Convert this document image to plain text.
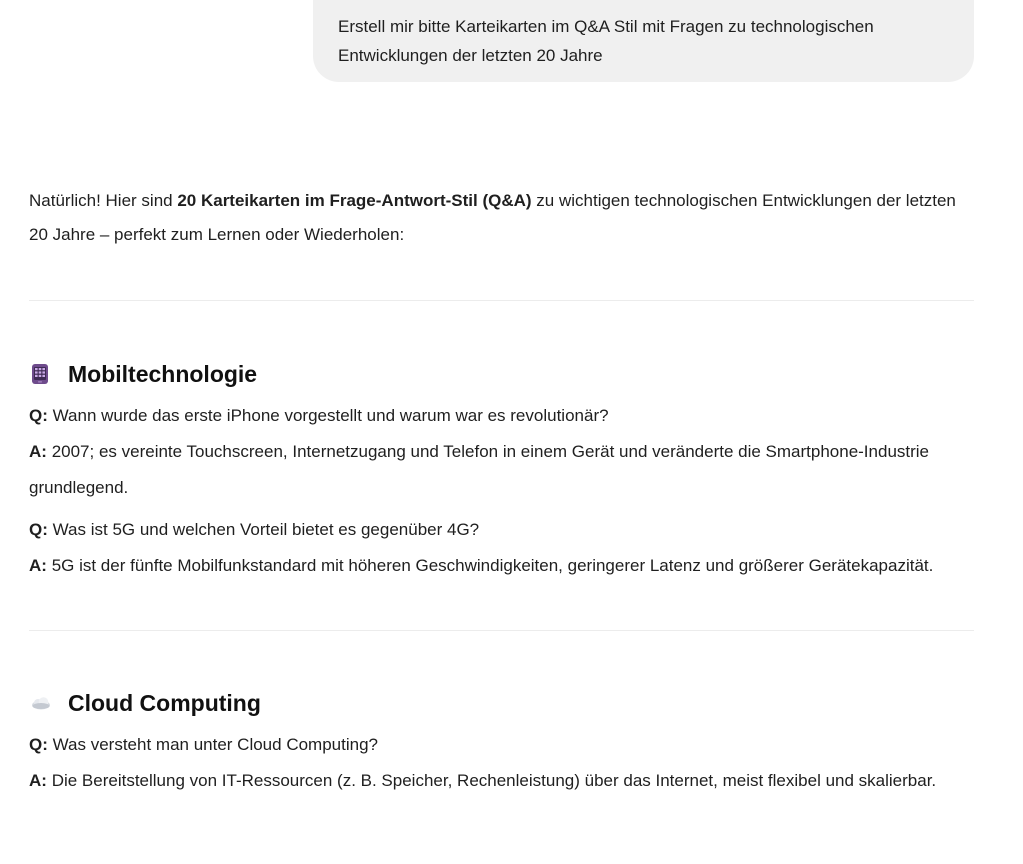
Erstell mir bitte Karteikarten im Q&A Stil mit Fragen zu technologischen Entwicklungen der letzten 20 Jahre

Natürlich! Hier sind 20 Karteikarten im Frage-Antwort-Stil (Q&A) zu wichtigen technologischen Entwicklungen der letzten 20 Jahre – perfekt zum Lernen oder Wiederholen:

Mobiltechnologie

Q: Wann wurde das erste iPhone vorgestellt und warum war es revolutionär?
A: 2007; es vereinte Touchscreen, Internetzugang und Telefon in einem Gerät und veränderte die Smartphone-Industrie grundlegend.

Q: Was ist 5G und welchen Vorteil bietet es gegenüber 4G?
A: 5G ist der fünfte Mobilfunkstandard mit höheren Geschwindigkeiten, geringerer Latenz und größerer Gerätekapazität.

Cloud Computing

Q: Was versteht man unter Cloud Computing?
A: Die Bereitstellung von IT-Ressourcen (z. B. Speicher, Rechenleistung) über das Internet, meist flexibel und skalierbar.
